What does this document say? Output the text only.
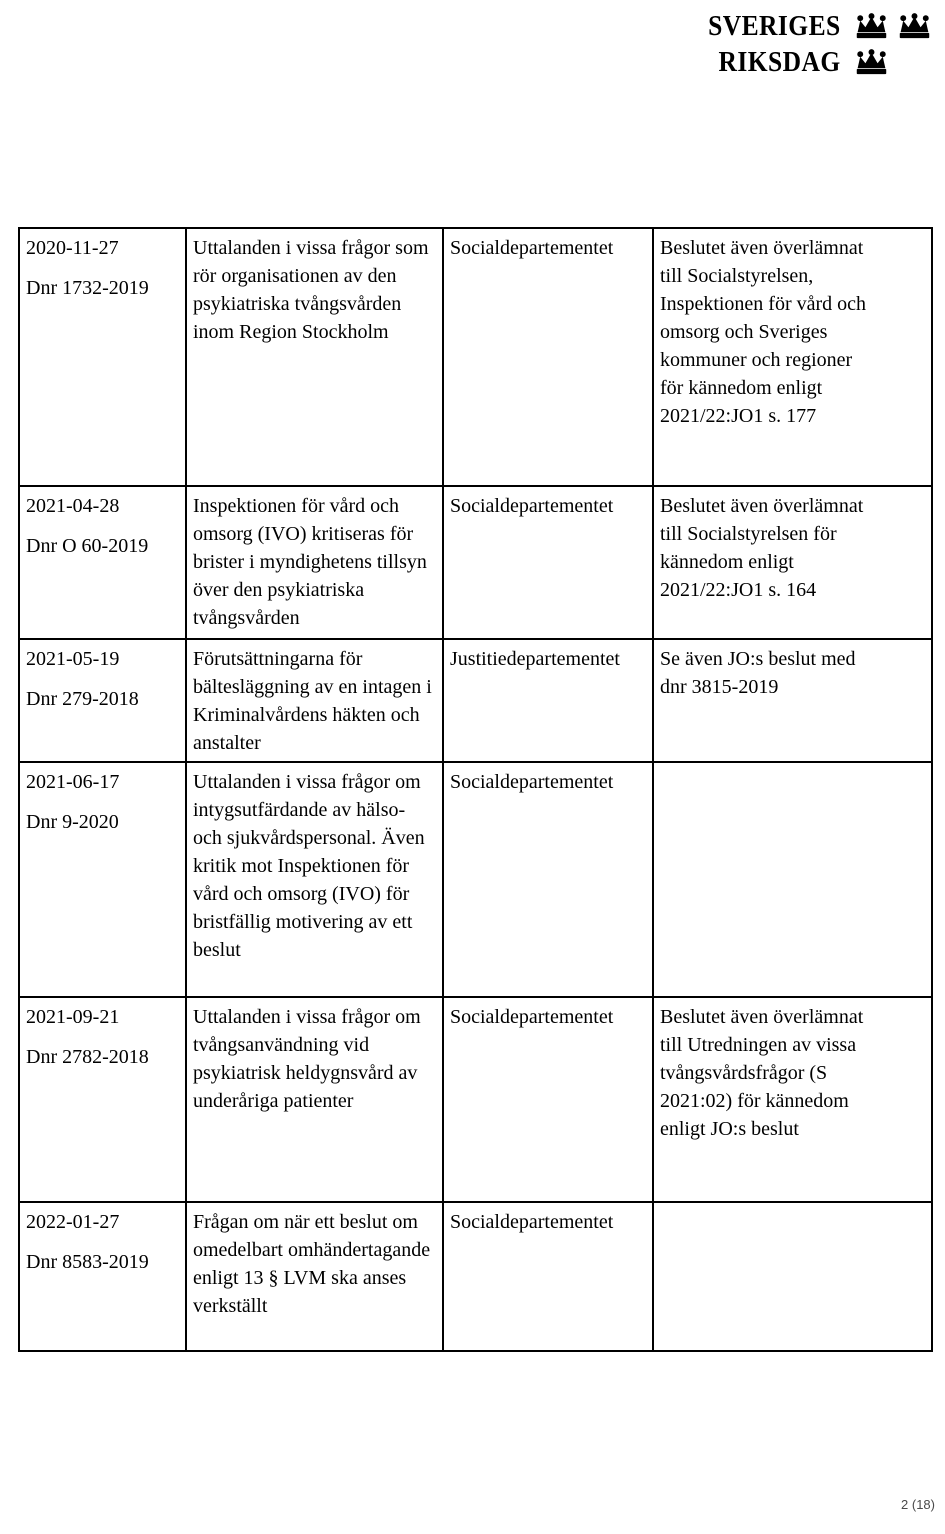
SVERIGES
RIKSDAG
2020-11-27
Dnr 1732-2019	Uttalanden i vissa frågor som rör organisationen av den psykiatriska tvångsvården inom Region Stockholm	Socialdepartementet	Beslutet även överlämnat till Socialstyrelsen, Inspektionen för vård och omsorg och Sveriges kommuner och regioner för kännedom enligt 2021/22:JO1 s. 177

2021-04-28
Dnr O 60-2019	Inspektionen för vård och omsorg (IVO) kritiseras för brister i myndighetens tillsyn över den psykiatriska tvångsvården	Socialdepartementet	Beslutet även överlämnat till Socialstyrelsen för kännedom enligt 2021/22:JO1 s. 164

2021-05-19
Dnr 279-2018	Förutsättningarna för bältesläggning av en intagen i Kriminalvårdens häkten och anstalter	Justitiedepartementet	Se även JO:s beslut med dnr 3815-2019

2021-06-17
Dnr 9-2020	Uttalanden i vissa frågor om intygsutfärdande av hälso- och sjukvårdspersonal. Även kritik mot Inspektionen för vård och omsorg (IVO) för bristfällig motivering av ett beslut	Socialdepartementet	

2021-09-21
Dnr 2782-2018	Uttalanden i vissa frågor om tvångsanvändning vid psykiatrisk heldygnsvård av underåriga patienter	Socialdepartementet	Beslutet även överlämnat till Utredningen av vissa tvångsvårdsfrågor (S 2021:02) för kännedom enligt JO:s beslut

2022-01-27
Dnr 8583-2019	Frågan om när ett beslut om omedelbart omhändertagande enligt 13 § LVM ska anses verkställt	Socialdepartementet	

2 (18)
